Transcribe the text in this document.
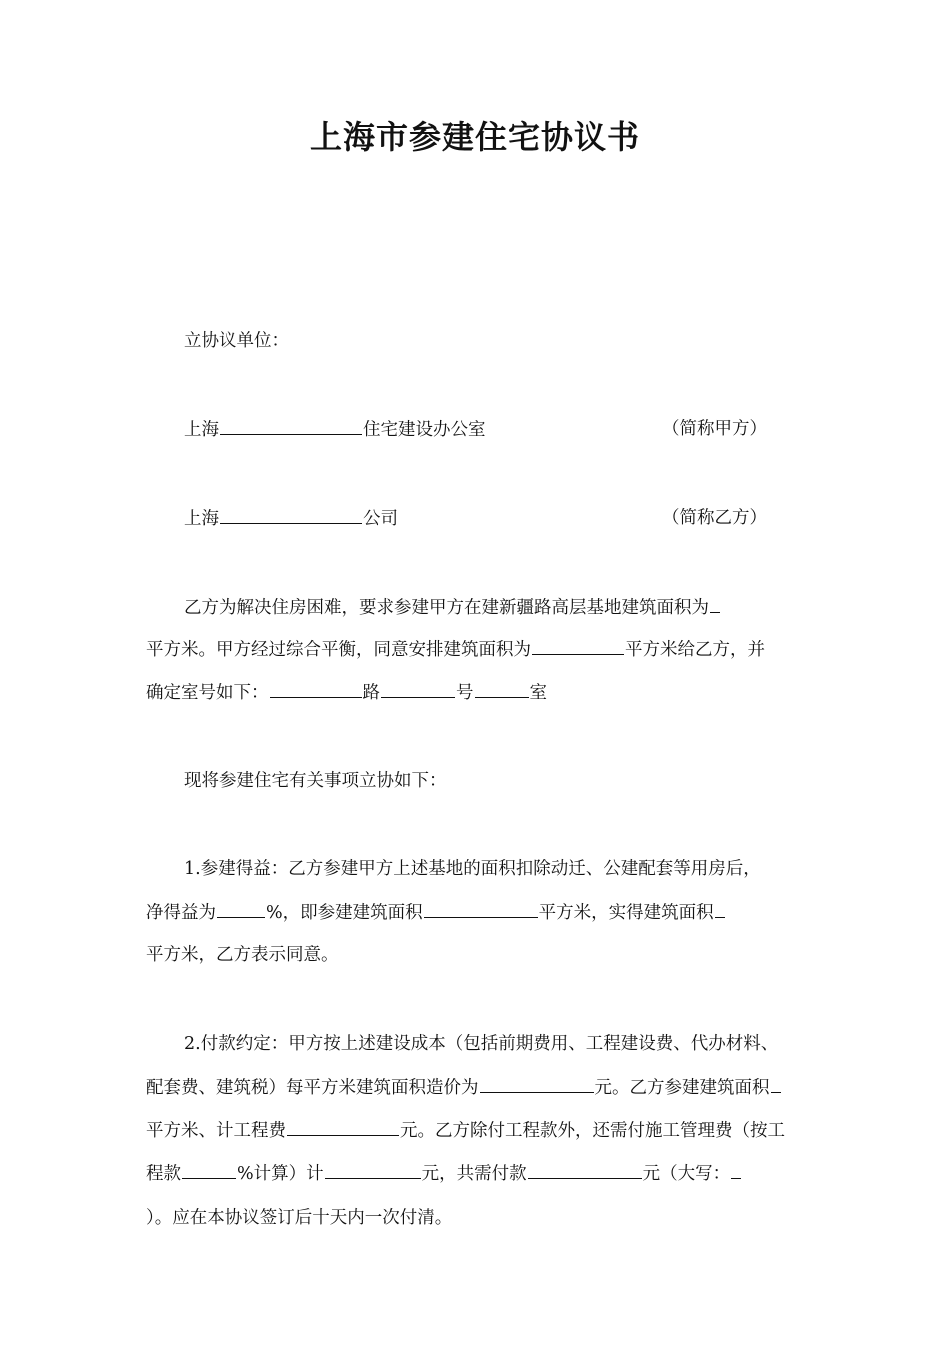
上海市参建住宅协议书
立协议单位：
上海	住宅建设办公室	（简称甲方）
上海	公司	（简称乙方）
乙方为解决住房困难，要求参建甲方在建新疆路高层基地建筑面积为
平方米。甲方经过综合平衡，同意安排建筑面积为	平方米给乙方，并
确定室号如下：	路	号	室
现将参建住宅有关事项立协如下：
1.参建得益：乙方参建甲方上述基地的面积扣除动迁、公建配套等用房后，
净得益为	%，即参建建筑面积	平方米，实得建筑面积
平方米，乙方表示同意。
2.付款约定：甲方按上述建设成本（包括前期费用、工程建设费、代办材料、
配套费、建筑税）每平方米建筑面积造价为	元。乙方参建建筑面积
平方米、计工程费	元。乙方除付工程款外，还需付施工管理费（按工
程款	%计算）计	元，共需付款	元（大写：
）。应在本协议签订后十天内一次付清。
